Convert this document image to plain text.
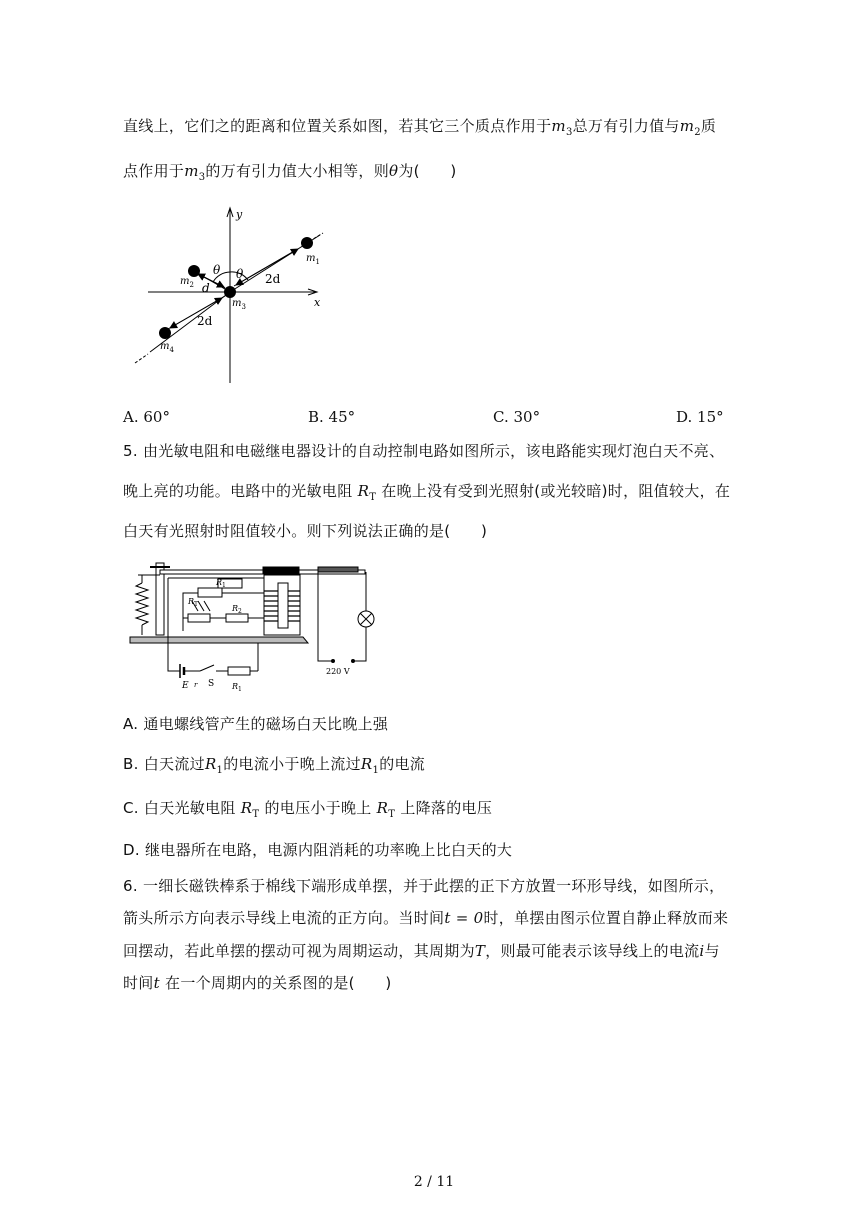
直线上，它们之的距离和位置关系如图，若其它三个质点作用于$m_3$总万有引力值与$m_2$质
点作用于$m_3$的万有引力值大小相等，则θ为(　　)
y
x
θ θ
$m_1$
$m_2$
$m_3$
$m_4$
d
2d
2d
A. 60°	B. 45°	C. 30°	D. 15°
5. 由光敏电阻和电磁继电器设计的自动控制电路如图所示，该电路能实现灯泡白天不亮、
晚上亮的功能。电路中的光敏电阻 $R_T$ 在晚上没有受到光照射(或光较暗)时，阻值较大，在
白天有光照射时阻值较小。则下列说法正确的是(　　)
$R_1$
$R_T$	$R_2$
E r S $R_1$
220 V
A. 通电螺线管产生的磁场白天比晚上强
B. 白天流过$R_1$的电流小于晚上流过$R_1$的电流
C. 白天光敏电阻 $R_T$ 的电压小于晚上 $R_T$ 上降落的电压
D. 继电器所在电路，电源内阻消耗的功率晚上比白天的大
6. 一细长磁铁棒系于棉线下端形成单摆，并于此摆的正下方放置一环形导线，如图所示，
箭头所示方向表示导线上电流的正方向。当时间t = 0时，单摆由图示位置自静止释放而来
回摆动，若此单摆的摆动可视为周期运动，其周期为T，则最可能表示该导线上的电流i与
时间t 在一个周期内的关系图的是(　　)
2 / 11
